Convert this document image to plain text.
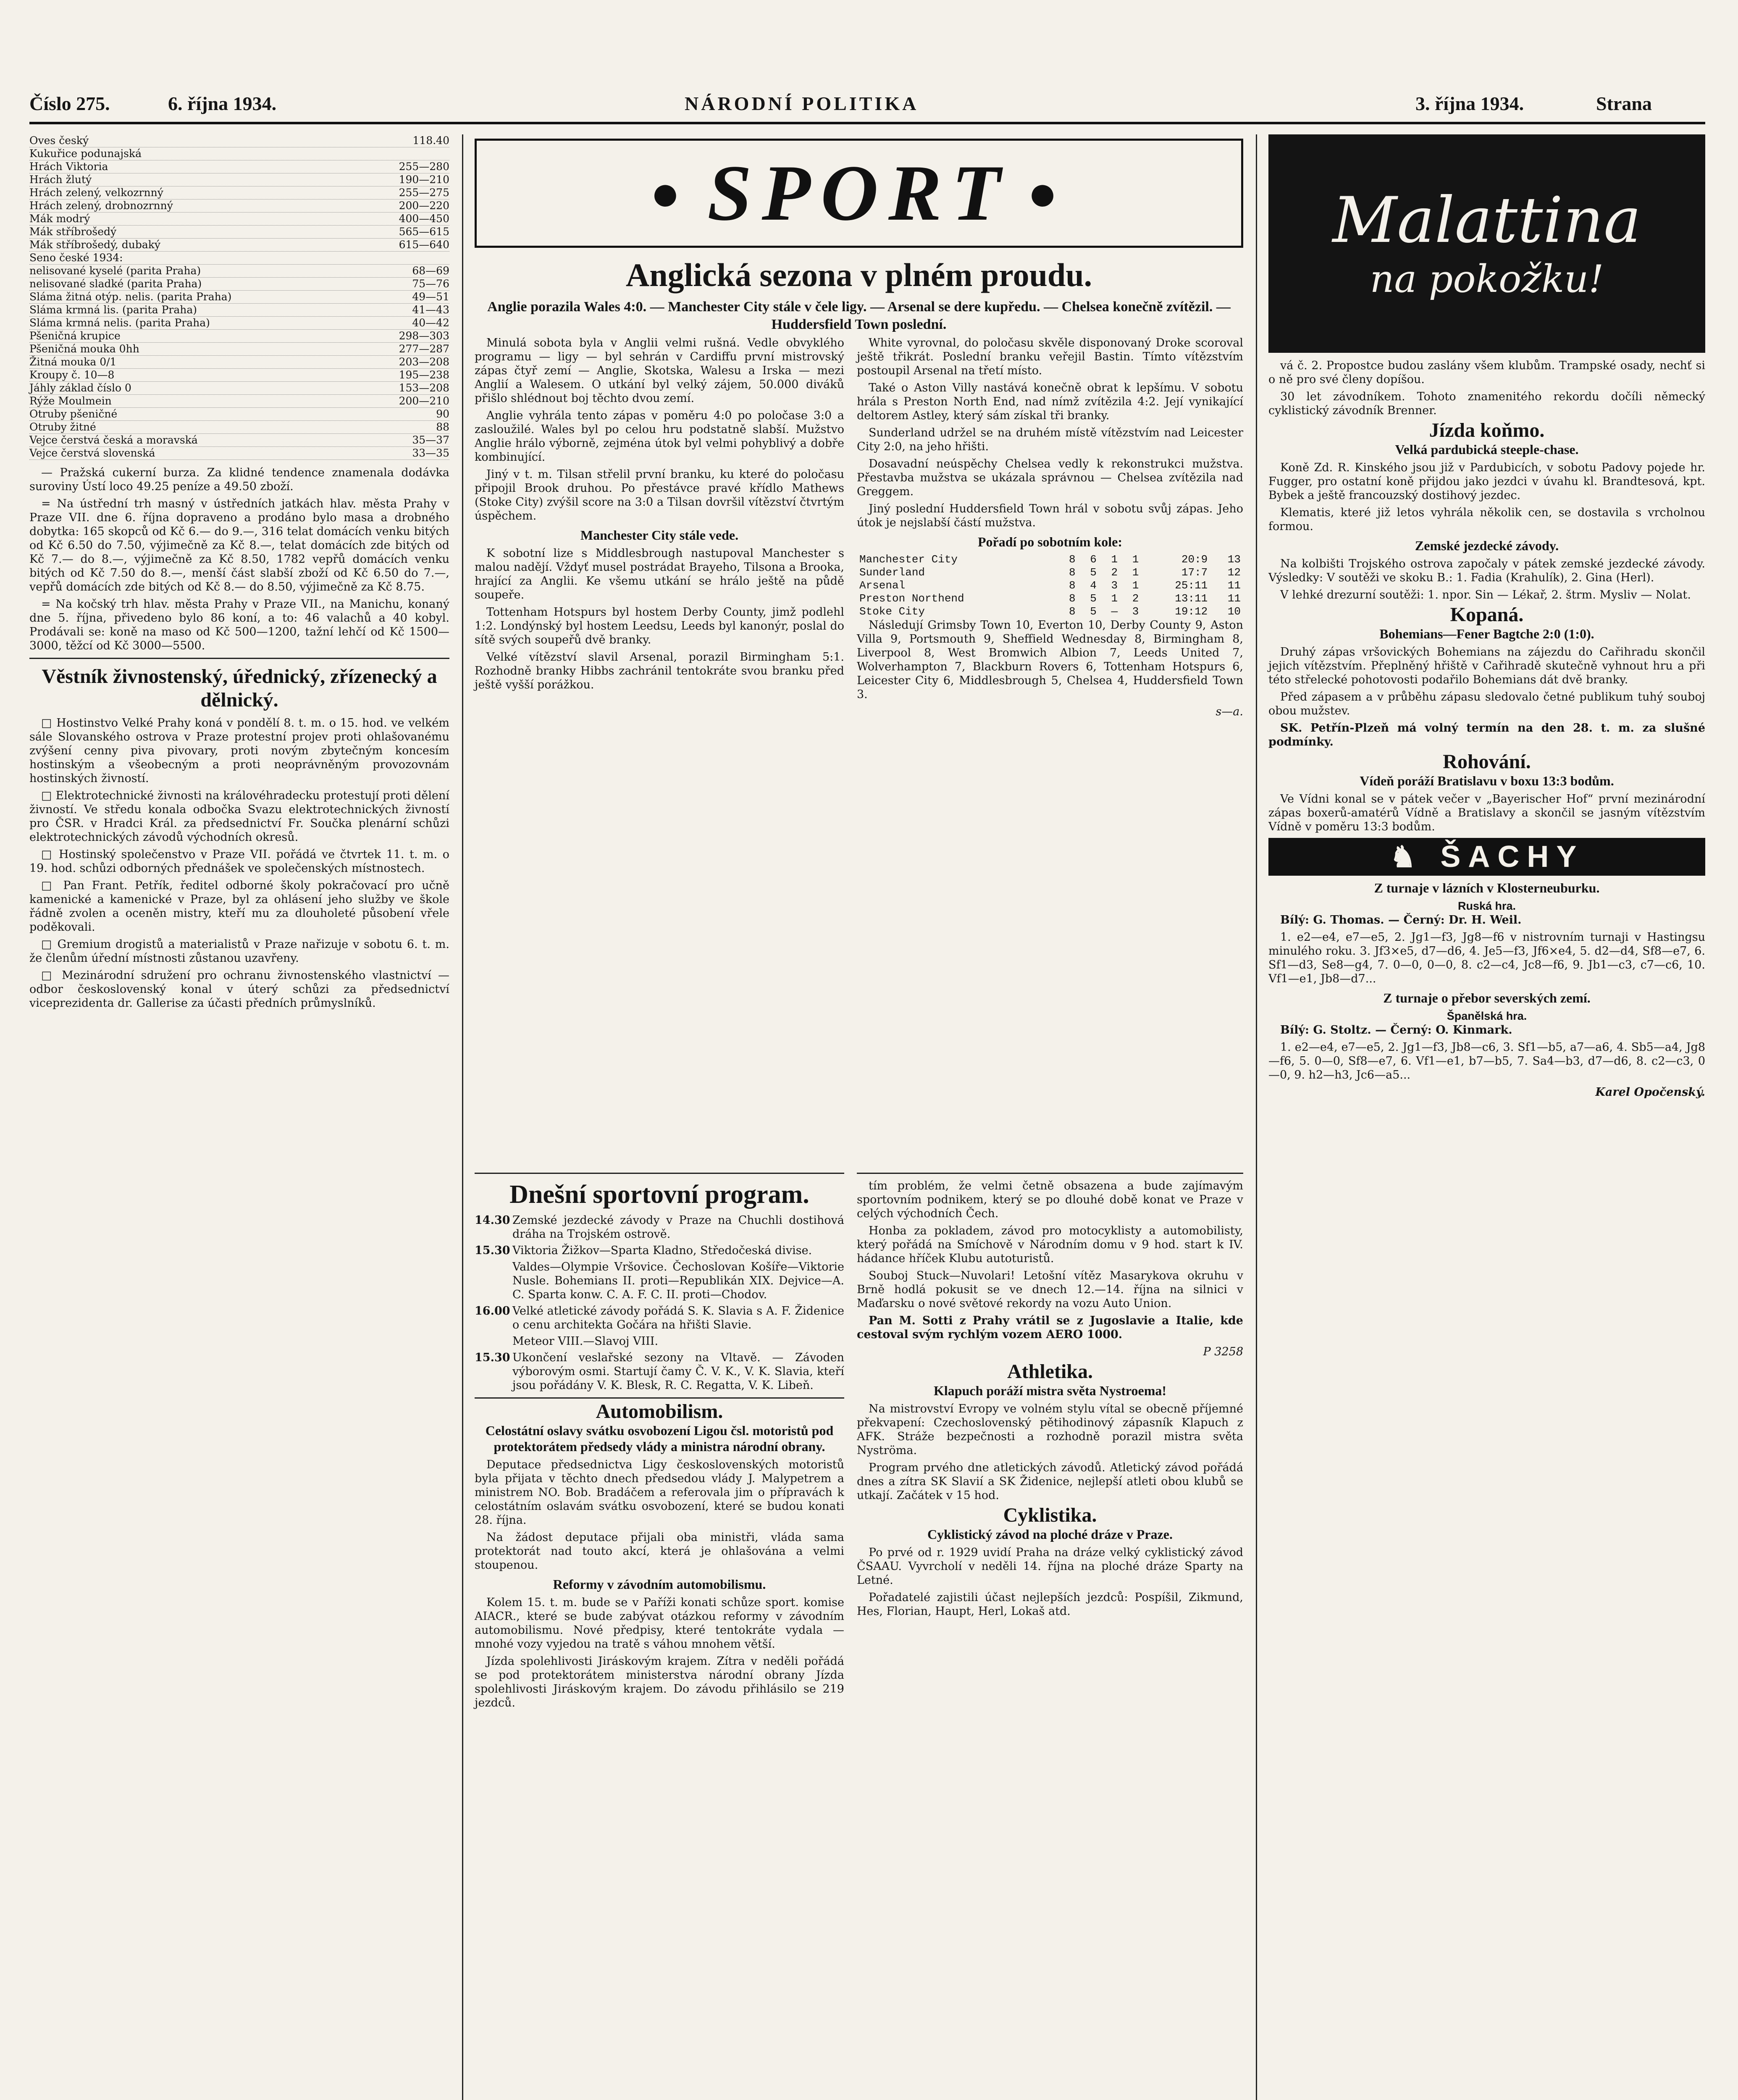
Číslo 275.	6. října 1934.	NÁRODNÍ POLITIKA	3. října 1934.	Strana
Oves český	118.40
Kukuřice podunajská
Hrách Viktoria	255—280
Hrách žlutý	190—210
Hrách zelený, velkozrnný	255—275
Hrách zelený, drobnozrnný	200—220
Mák modrý	400—450
Mák stříbrošedý	565—615
Mák stříbrošedý, dubaký	615—640
Seno české 1934:
nelisované kyselé (parita Praha)	68—69
nelisované sladké (parita Praha)	75—76
Sláma žitná otýp. nelis. (parita Praha)	49—51
Sláma krmná lis. (parita Praha)	41—43
Sláma krmná nelis. (parita Praha)	40—42
Pšeničná krupice	298—303
Pšeničná mouka 0hh	277—287
Žitná mouka 0/1	203—208
Kroupy č. 10—8	195—238
Jáhly základ číslo 0	153—208
Rýže Moulmein	200—210
Otruby pšeničné	90
Otruby žitné	88
Vejce čerstvá česká a moravská	35—37
Vejce čerstvá slovenská	33—35

— Pražská cukerní burza. Za klidné tendence znamenala dodávka suroviny Ústí loco 49.25 peníze a 49.50 zboží.

= Na ústřední trh masný v ústředních jatkách hlav. města Prahy v Praze VII. dne 6. října dopraveno a prodáno bylo masa a drobného dobytka: 165 skopců od Kč 6.— do 9.—, 316 telat domácích venku bitých od Kč 6.50 do 7.50, výjimečně za Kč 8.—, telat domácích zde bitých od Kč 7.— do 8.—, výjimečně za Kč 8.50, 1782 vepřů domácích venku bitých od Kč 7.50 do 8.—, menší část slabší zboží od Kč 6.50 do 7.—, vepřů domácích zde bitých od Kč 8.— do 8.50, výjimečně za Kč 8.75.

= Na kočský trh hlav. města Prahy v Praze VII., na Manichu, konaný dne 5. října, přivedeno bylo 86 koní, a to: 46 valachů a 40 kobyl. Prodávali se: koně na maso od Kč 500—1200, tažní lehčí od Kč 1500—3000, těžcí od Kč 3000—5500.

Věstník živnostenský, úřednický, zřízenecký a dělnický.

□ Hostinstvo Velké Prahy koná v pondělí 8. t. m. o 15. hod. ve velkém sále Slovanského ostrova v Praze protestní projev proti ohlašovanému zvýšení cenny piva pivovary, proti novým zbytečným koncesím hostinským a všeobecným a proti neoprávněným provozovnám hostinských živností.

□ Elektrotechnické živnosti na královéhradecku protestují proti dělení živností. Ve středu konala odbočka Svazu elektrotechnických živností pro ČSR. v Hradci Král. za předsednictví Fr. Součka plenární schůzi elektrotechnických závodů východních okresů.

□ Hostinský společenstvo v Praze VII. pořádá ve čtvrtek 11. t. m. o 19. hod. schůzi odborných přednášek ve společenských místnostech.

□ Pan Frant. Petřík, ředitel odborné školy pokračovací pro učně kamenické a kamenické v Praze, byl za ohlásení jeho služby ve škole řádně zvolen a oceněn mistry, kteří mu za dlouholeté působení vřele poděkovali.

□ Gremium drogistů a materialistů v Praze nařizuje v sobotu 6. t. m. že členům úřední místnosti zůstanou uzavřeny.

□ Mezinárodní sdružení pro ochranu živnostenského vlastnictví — odbor československý konal v úterý schůzi za předsednictví viceprezidenta dr. Gallerise za účasti předních průmyslníků.

● SPORT ●
Anglická sezona v plném proudu.
Anglie porazila Wales 4:0. — Manchester City stále v čele ligy. — Arsenal se dere kupředu. — Chelsea konečně zvítězil. — Huddersfield Town poslední.

Minulá sobota byla v Anglii velmi rušná. Vedle obvyklého programu — ligy — byl sehrán v Cardiffu první mistrovský zápas čtyř zemí — Anglie, Skotska, Walesu a Irska — mezi Anglií a Walesem. O utkání byl velký zájem, 50.000 diváků přišlo shlédnout boj těchto dvou zemí.

Anglie vyhrála tento zápas v poměru 4:0 po poločase 3:0 a zasloužilé. Wales byl po celou hru podstatně slabší. Mužstvo Anglie hrálo výborně, zejména útok byl velmi pohyblivý a dobře kombinující.

Jiný v t. m. Tilsan střelil první branku, ku které do poločasu připojil Brook druhou. Po přestávce pravé křídlo Mathews (Stoke City) zvýšil score na 3:0 a Tilsan dovršil vítězství čtvrtým úspěchem.

Manchester City stále vede.

K sobotní lize s Middlesbrough nastupoval Manchester s malou nadějí. Vždyť musel postrádat Brayeho, Tilsona a Brooka, hrající za Anglii. Ke všemu utkání se hrálo ještě na půdě soupeře.

Tottenham Hotspurs byl hostem Derby County, jimž podlehl 1:2. Londýnský byl hostem Leedsu, Leeds byl kanonýr, poslal do sítě svých soupeřů dvě branky.

Velké vítězství slavil Arsenal, porazil Birmingham 5:1. Rozhodně branky Hibbs zachránil tentokráte svou branku před ještě vyšší porážkou.

White vyrovnal, do poločasu skvěle disponovaný Droke scoroval ještě třikrát. Poslední branku veřejil Bastin. Tímto vítězstvím postoupil Arsenal na třetí místo.

Také o Aston Villy nastává konečně obrat k lepšímu. V sobotu hrála s Preston North End, nad nímž zvítězila 4:2. Její vynikající deltorem Astley, který sám získal tři branky.

Sunderland udržel se na druhém místě vítězstvím nad Leicester City 2:0, na jeho hřišti.

Dosavadní neúspěchy Chelsea vedly k rekonstrukci mužstva. Přestavba mužstva se ukázala správnou — Chelsea zvítězila nad Greggem.

Jiný poslední Huddersfield Town hrál v sobotu svůj zápas. Jeho útok je nejslabší částí mužstva.

Pořadí po sobotním kole:
Manchester City	8	6	1	1	20:9	13
Sunderland	8	5	2	1	17:7	12
Arsenal	8	4	3	1	25:11	11
Preston Northend	8	5	1	2	13:11	11
Stoke City	8	5	—	3	19:12	10

Následují Grimsby Town 10, Everton 10, Derby County 9, Aston Villa 9, Portsmouth 9, Sheffield Wednesday 8, Birmingham 8, Liverpool 8, West Bromwich Albion 7, Leeds United 7, Wolverhampton 7, Blackburn Rovers 6, Tottenham Hotspurs 6, Leicester City 6, Middlesbrough 5, Chelsea 4, Huddersfield Town 3.

s—a.
Dnešní sportovní program.
14.30 Zemské jezdecké závody v Praze na Chuchli dostihová dráha na Trojském ostrově.
15.30 Viktoria Žižkov—Sparta Kladno, Středočeská divise.
Valdes—Olympie Vršovice. Čechoslovan Košíře—Viktorie Nusle. Bohemians II. proti—Republikán XIX. Dejvice—A. C. Sparta konw. C. A. F. C. II. proti—Chodov.
16.00 Velké atletické závody pořádá S. K. Slavia s A. F. Židenice o cenu architekta Gočára na hřišti Slavie.
Meteor VIII.—Slavoj VIII.
15.30 Ukončení veslařské sezony na Vltavě. — Závoden výborovým osmi. Startují čamy Č. V. K., V. K. Slavia, kteří jsou pořádány V. K. Blesk, R. C. Regatta, V. K. Libeň.
Automobilism.
Celostátní oslavy svátku osvobození Ligou čsl. motoristů pod protektorátem předsedy vlády a ministra národní obrany.

Deputace předsednictva Ligy československých motoristů byla přijata v těchto dnech předsedou vlády J. Malypetrem a ministrem NO. Bob. Bradáčem a referovala jim o přípravách k celostátním oslavám svátku osvobození, které se budou konati 28. října.

Na žádost deputace přijali oba ministři, vláda sama protektorát nad touto akcí, která je ohlašována a velmi stoupenou.

Reformy v závodním automobilismu.

Kolem 15. t. m. bude se v Paříži konati schůze sport. komise AIACR., které se bude zabývat otázkou reformy v závodním automobilismu. Nové předpisy, které tentokráte vydala — mnohé vozy vyjedou na tratě s váhou mnohem větší.

Jízda spolehlivosti Jiráskovým krajem. Zítra v neděli pořádá se pod protektorátem ministerstva národní obrany Jízda spolehlivosti Jiráskovým krajem. Do závodu přihlásilo se 219 jezdců.

tím problém, že velmi četně obsazena a bude zajímavým sportovním podnikem, který se po dlouhé době konat ve Praze v celých východních Čech.

Honba za pokladem, závod pro motocyklisty a automobilisty, který pořádá na Smíchově v Národním domu v 9 hod. start k IV. hádance hříček Klubu autoturistů.

Souboj Stuck—Nuvolari! Letošní vítěz Masarykova okruhu v Brně hodlá pokusit se ve dnech 12.—14. října na silnici v Maďarsku o nové světové rekordy na vozu Auto Union.

Pan M. Sotti z Prahy vrátil se z Jugoslavie a Italie, kde cestoval svým rychlým vozem AERO 1000.

P 3258
Athletika.
Klapuch poráží mistra světa Nystroema!

Na mistrovství Evropy ve volném stylu vítal se obecně příjemné překvapení: Czechoslovenský pětihodinový zápasník Klapuch z AFK. Stráže bezpečnosti a rozhodně porazil mistra světa Nyströma.

Program prvého dne atletických závodů. Atletický závod pořádá dnes a zítra SK Slavií a SK Židenice, nejlepší atleti obou klubů se utkají. Začátek v 15 hod.

Cyklistika.
Cyklistický závod na ploché dráze v Praze.

Po prvé od r. 1929 uvidí Praha na dráze velký cyklistický závod ČSAAU. Vyvrcholí v neděli 14. října na ploché dráze Sparty na Letné.

Pořadatelé zajistili účast nejlepších jezdců: Pospíšil, Zikmund, Hes, Florian, Haupt, Herl, Lokaš atd.

Malattina
na pokožku!

vá č. 2. Propostce budou zaslány všem klubům. Trampské osady, nechť si o ně pro své členy dopíšou.

30 let závodníkem. Tohoto znamenitého rekordu dočíli německý cyklistický závodník Brenner.

Jízda koňmo.
Velká pardubická steeple-chase.

Koně Zd. R. Kinského jsou již v Pardubicích, v sobotu Padovy pojede hr. Fugger, pro ostatní koně přijdou jako jezdci v úvahu kl. Brandtesová, kpt. Bybek a ještě francouzský dostihový jezdec.

Klematis, které již letos vyhrála několik cen, se dostavila s vrcholnou formou.

Zemské jezdecké závody.

Na kolbišti Trojského ostrova započaly v pátek zemské jezdecké závody. Výsledky: V soutěži ve skoku B.: 1. Fadia (Krahulík), 2. Gina (Herl).

V lehké drezurní soutěži: 1. npor. Sin — Lékař, 2. štrm. Mysliv — Nolat.

Kopaná.
Bohemians—Fener Bagtche 2:0 (1:0).

Druhý zápas vršovických Bohemians na zájezdu do Cařihradu skončil jejich vítězstvím. Přeplněný hřiště v Cařihradě skutečně vyhnout hru a při této střelecké pohotovosti podařilo Bohemians dát dvě branky.

Před zápasem a v průběhu zápasu sledovalo četné publikum tuhý souboj obou mužstev.

SK. Petřín-Plzeň má volný termín na den 28. t. m. za slušné podmínky.

Rohování.
Vídeň poráží Bratislavu v boxu 13:3 bodům.

Ve Vídni konal se v pátek večer v „Bayerischer Hof“ první mezinárodní zápas boxerů-amatérů Vídně a Bratislavy a skončil se jasným vítězstvím Vídně v poměru 13:3 bodům.

♞ ŠACHY
Z turnaje v lázních v Klosterneuburku.
Ruská hra.

Bílý: G. Thomas. — Černý: Dr. H. Weil.

1. e2—e4, e7—e5, 2. Jg1—f3, Jg8—f6 v nistrovním turnaji v Hastingsu minulého roku. 3. Jf3×e5, d7—d6, 4. Je5—f3, Jf6×e4, 5. d2—d4, Sf8—e7, 6. Sf1—d3, Se8—g4, 7. 0—0, 0—0, 8. c2—c4, Jc8—f6, 9. Jb1—c3, c7—c6, 10. Vf1—e1, Jb8—d7...

Z turnaje o přebor severských zemí.
Španělská hra.

Bílý: G. Stoltz. — Černý: O. Kinmark.

1. e2—e4, e7—e5, 2. Jg1—f3, Jb8—c6, 3. Sf1—b5, a7—a6, 4. Sb5—a4, Jg8—f6, 5. 0—0, Sf8—e7, 6. Vf1—e1, b7—b5, 7. Sa4—b3, d7—d6, 8. c2—c3, 0—0, 9. h2—h3, Jc6—a5...

Karel Opočenský.
